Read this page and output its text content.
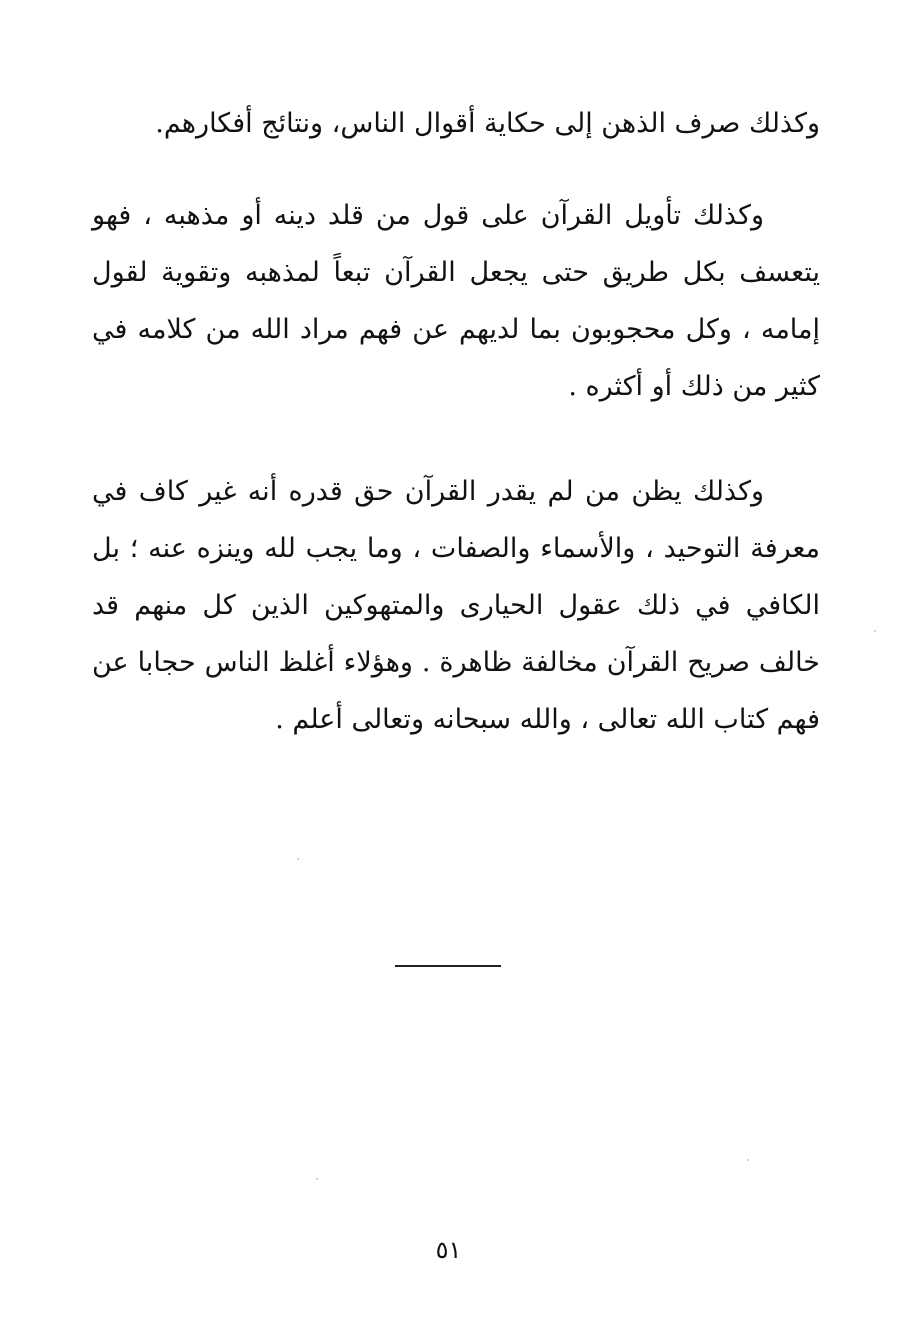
وكذلك صرف الذهن إلى حكاية أقوال الناس، ونتائج أفكارهم.

وكذلك تأويل القرآن على قول من قلد دينه أو مذهبه ، فهو يتعسف بكل طريق حتى يجعل القرآن تبعاً لمذهبه وتقوية لقول إمامه ، وكل محجوبون بما لديهم عن فهم مراد الله من كلامه في كثير من ذلك أو أكثره .

وكذلك يظن من لم يقدر القرآن حق قدره أنه غير كاف في معرفة التوحيد ، والأسماء والصفات ، وما يجب لله وينزه عنه ؛ بل الكافي في ذلك عقول الحيارى والمتهوكين الذين كل منهم قد خالف صريح القرآن مخالفة ظاهرة . وهؤلاء أغلظ الناس حجابا عن فهم كتاب الله تعالى ، والله سبحانه وتعالى أعلم .

٥١
